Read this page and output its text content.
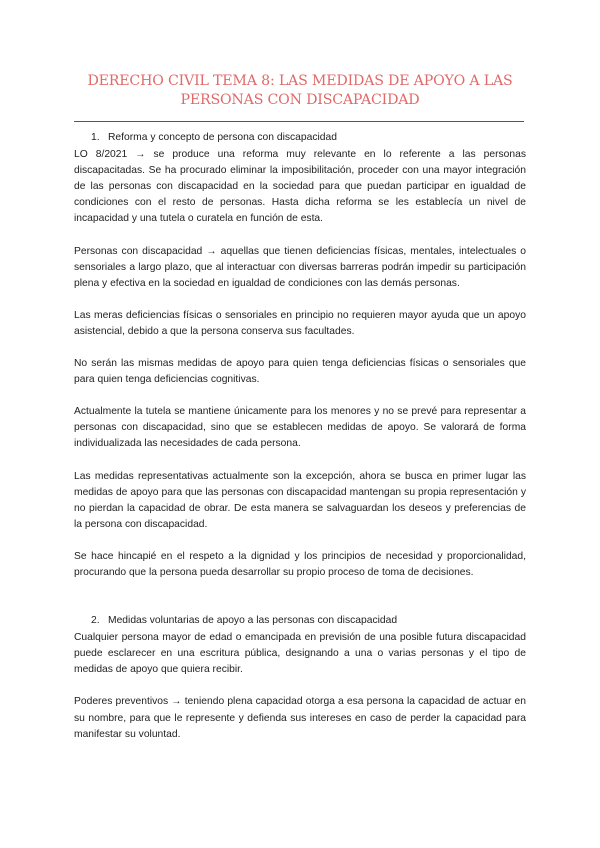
DERECHO CIVIL TEMA 8: LAS MEDIDAS DE APOYO A LAS PERSONAS CON DISCAPACIDAD
1. Reforma y concepto de persona con discapacidad

LO 8/2021 → se produce una reforma muy relevante en lo referente a las personas discapacitadas. Se ha procurado eliminar la imposibilitación, proceder con una mayor integración de las personas con discapacidad en la sociedad para que puedan participar en igualdad de condiciones con el resto de personas. Hasta dicha reforma se les establecía un nivel de incapacidad y una tutela o curatela en función de esta.

Personas con discapacidad → aquellas que tienen deficiencias físicas, mentales, intelectuales o sensoriales a largo plazo, que al interactuar con diversas barreras podrán impedir su participación plena y efectiva en la sociedad en igualdad de condiciones con las demás personas.

Las meras deficiencias físicas o sensoriales en principio no requieren mayor ayuda que un apoyo asistencial, debido a que la persona conserva sus facultades.

No serán las mismas medidas de apoyo para quien tenga deficiencias físicas o sensoriales que para quien tenga deficiencias cognitivas.

Actualmente la tutela se mantiene únicamente para los menores y no se prevé para representar a personas con discapacidad, sino que se establecen medidas de apoyo. Se valorará de forma individualizada las necesidades de cada persona.

Las medidas representativas actualmente son la excepción, ahora se busca en primer lugar las medidas de apoyo para que las personas con discapacidad mantengan su propia representación y no pierdan la capacidad de obrar. De esta manera se salvaguardan los deseos y preferencias de la persona con discapacidad.

Se hace hincapié en el respeto a la dignidad y los principios de necesidad y proporcionalidad, procurando que la persona pueda desarrollar su propio proceso de toma de decisiones.

2. Medidas voluntarias de apoyo a las personas con discapacidad

Cualquier persona mayor de edad o emancipada en previsión de una posible futura discapacidad puede esclarecer en una escritura pública, designando a una o varias personas y el tipo de medidas de apoyo que quiera recibir.

Poderes preventivos → teniendo plena capacidad otorga a esa persona la capacidad de actuar en su nombre, para que le represente y defienda sus intereses en caso de perder la capacidad para manifestar su voluntad.
